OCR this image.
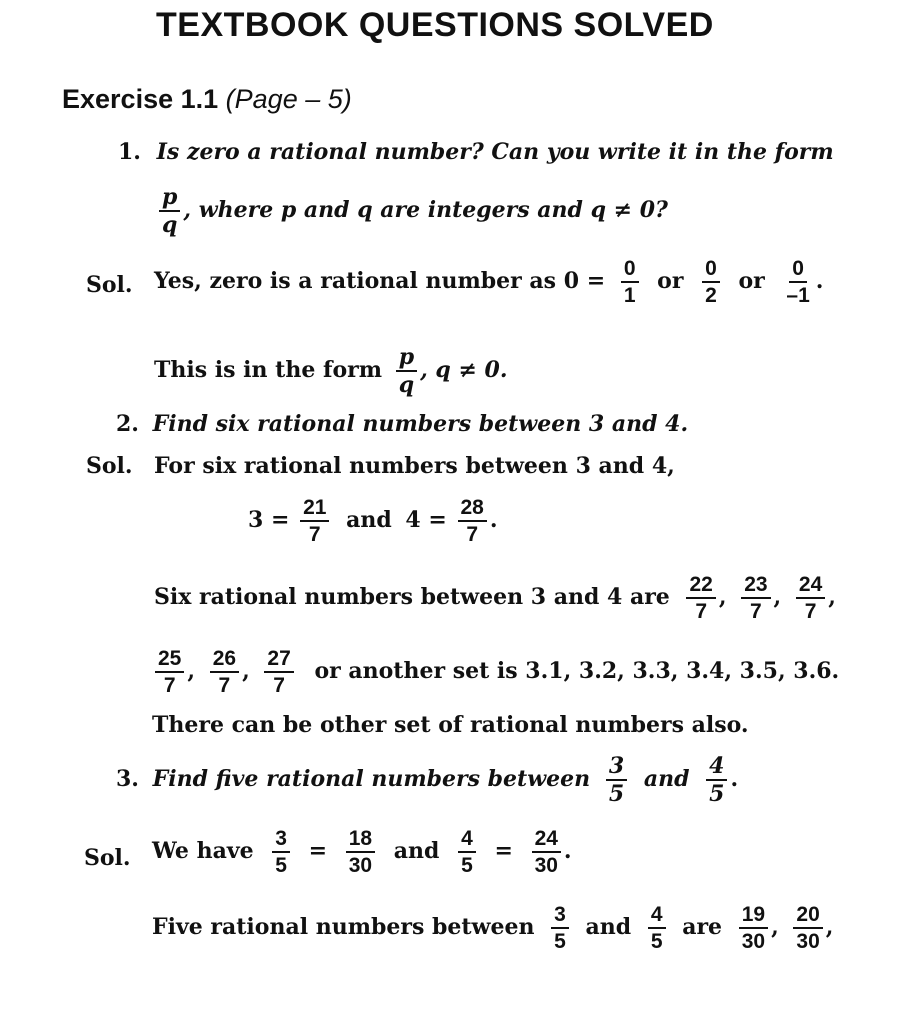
TEXTBOOK QUESTIONS SOLVED
Exercise 1.1 (Page – 5)
1. Is zero a rational number? Can you write it in the form
$\frac{p}{q}$ , where p and q are integers and q ≠ 0?
Sol. Yes, zero is a rational number as $0 = \frac{0}{1}$ or $\frac{0}{2}$ or $\frac{0}{-1}$ .
This is in the form $\frac{p}{q}$ , q ≠ 0.
2. Find six rational numbers between 3 and 4.
Sol. For six rational numbers between 3 and 4,
$3 = \frac{21}{7}$ and $4 = \frac{28}{7}$ .
Six rational numbers between 3 and 4 are $\frac{22}{7}$ , $\frac{23}{7}$ , $\frac{24}{7}$ ,
$\frac{25}{7}$ , $\frac{26}{7}$ , $\frac{27}{7}$ or another set is 3.1, 3.2, 3.3, 3.4, 3.5, 3.6.
There can be other set of rational numbers also.
3. Find five rational numbers between $\frac{3}{5}$ and $\frac{4}{5}$ .
Sol. We have $\frac{3}{5} = \frac{18}{30}$ and $\frac{4}{5} = \frac{24}{30}$ .
Five rational numbers between $\frac{3}{5}$ and $\frac{4}{5}$ are $\frac{19}{30}$ , $\frac{20}{30}$ ,
